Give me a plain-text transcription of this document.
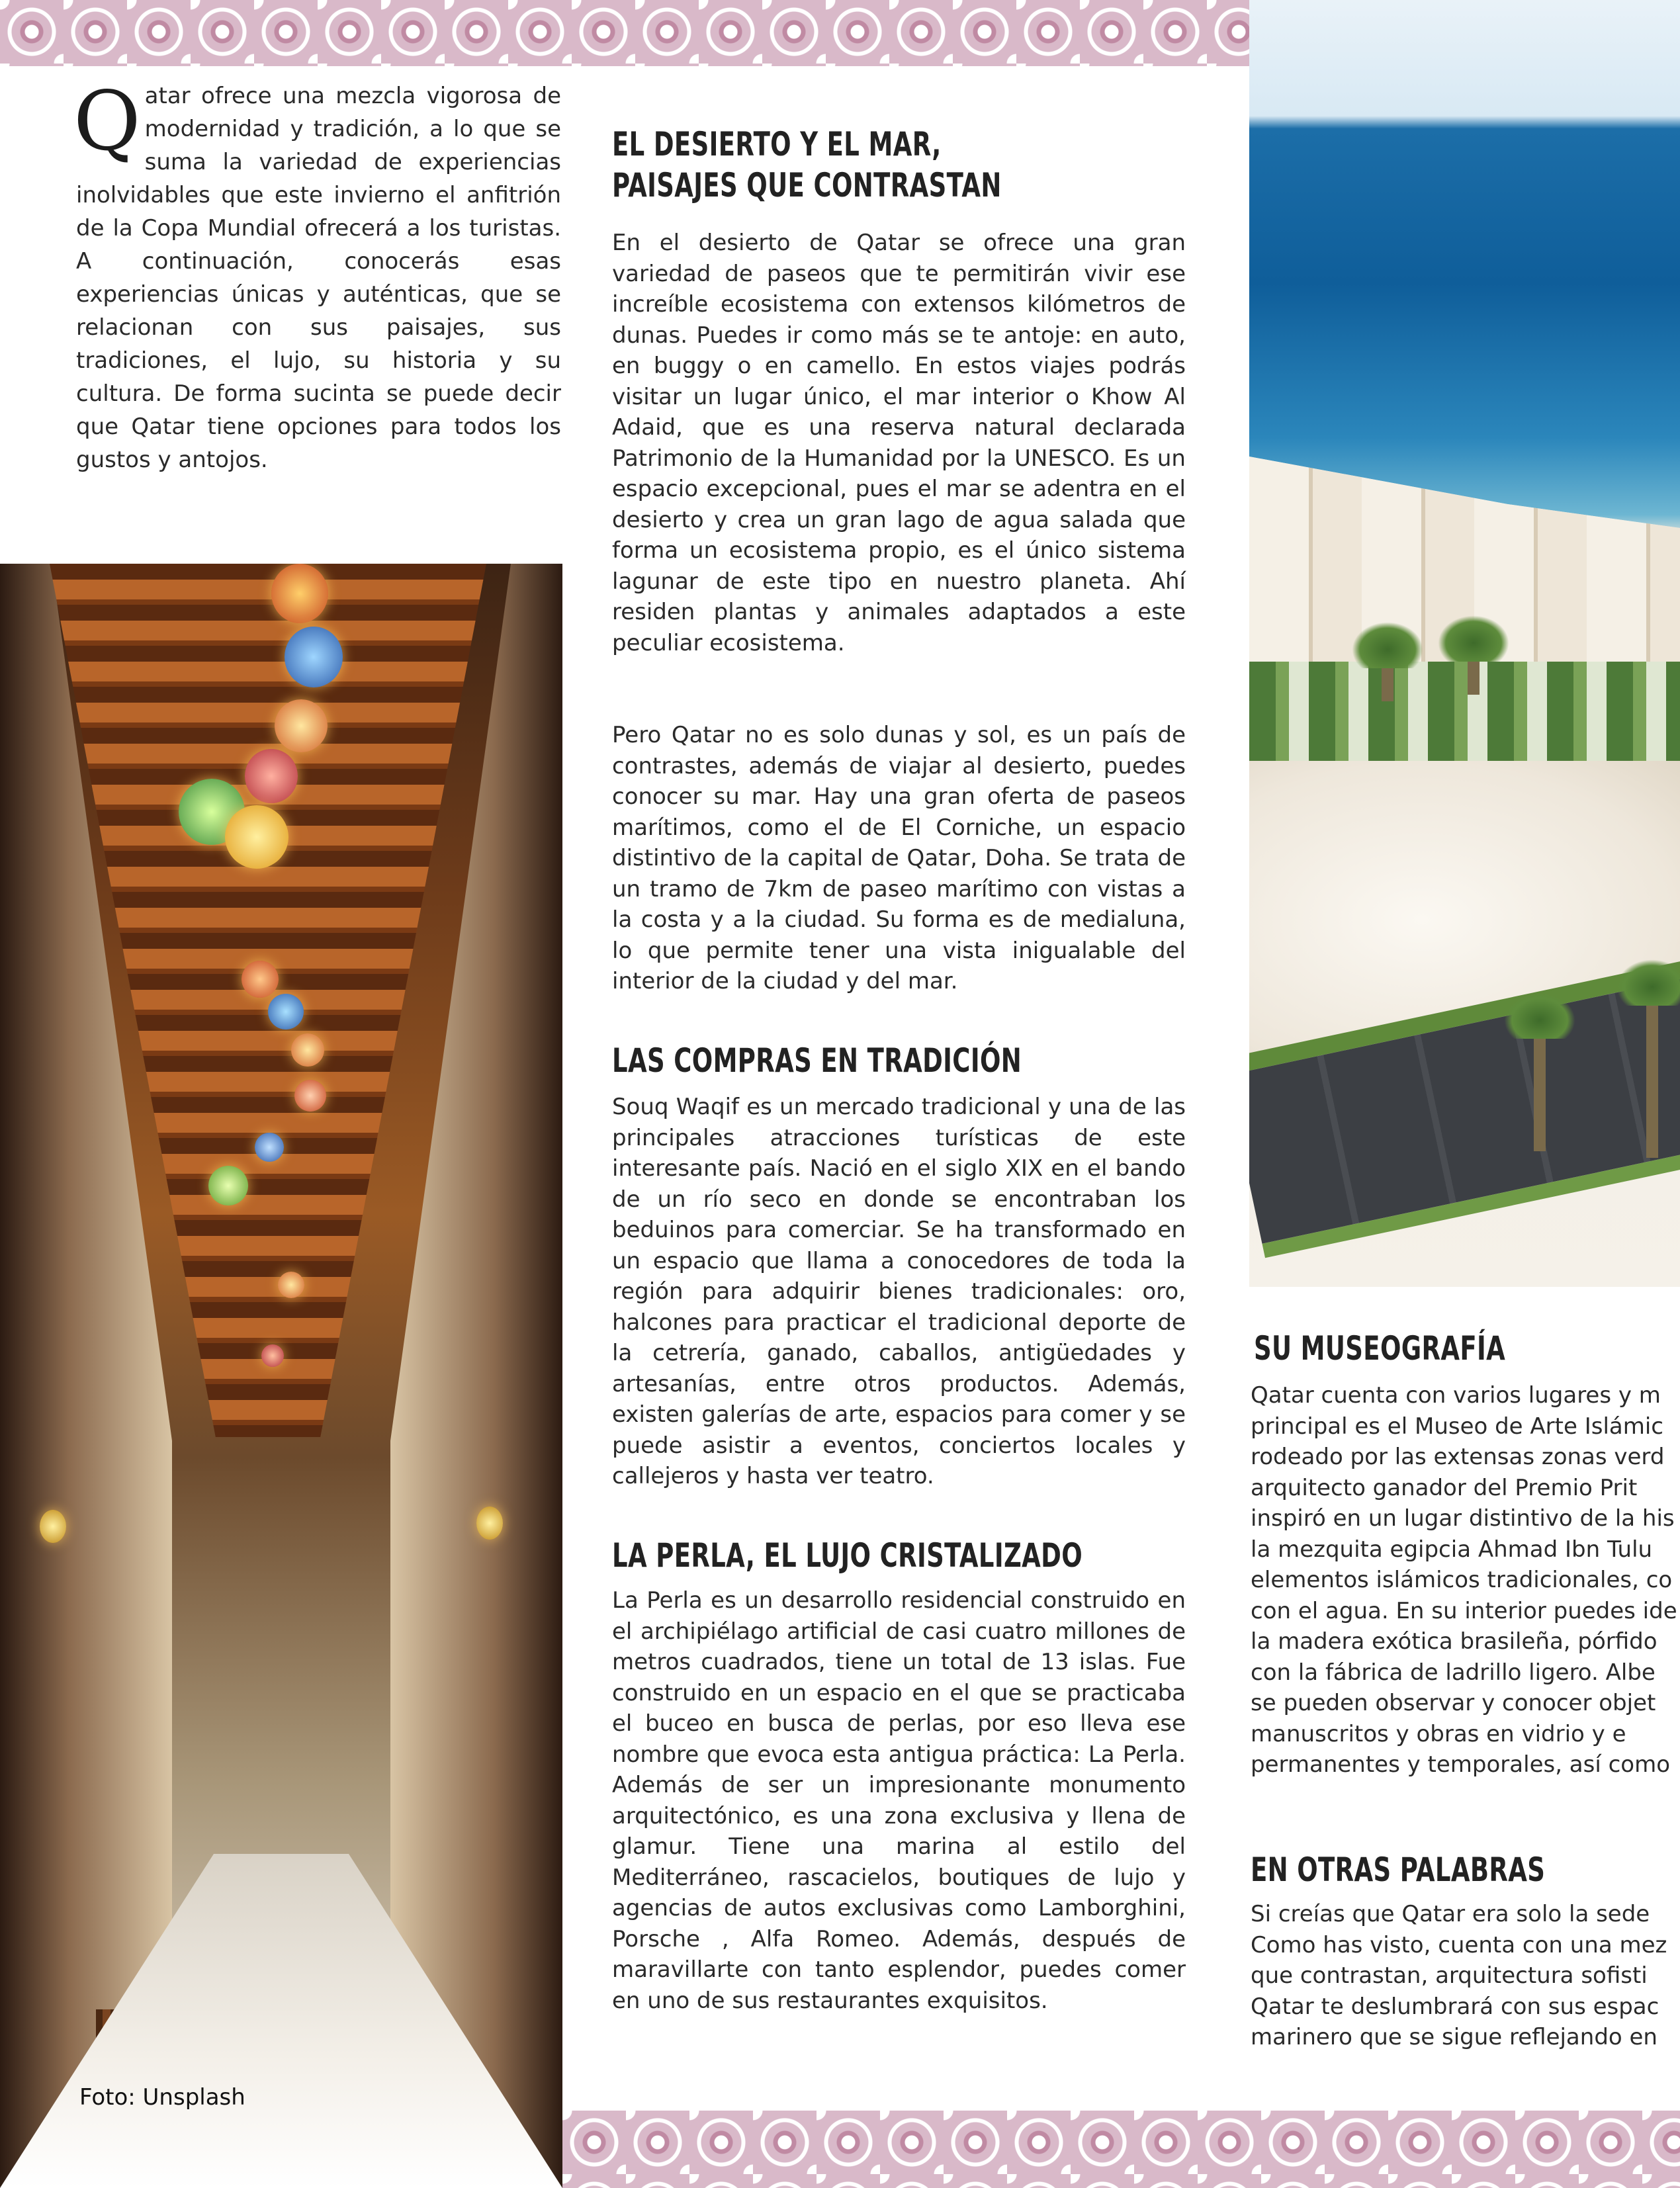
Qatar ofrece una mezcla vigorosa de modernidad y tradición, a lo que se suma la variedad de experiencias inolvidables que este invierno el anfitrión de la Copa Mundial ofrecerá a los turistas. A continuación, conocerás esas experiencias únicas y auténticas, que se relacionan con sus paisajes, sus tradiciones, el lujo, su historia y su cultura. De forma sucinta se puede decir que Qatar tiene opciones para todos los gustos y antojos.
Foto: Unsplash
EL DESIERTO Y EL MAR,
PAISAJES QUE CONTRASTAN
En el desierto de Qatar se ofrece una gran variedad de paseos que te permitirán vivir ese increíble ecosistema con extensos kilómetros de dunas. Puedes ir como más se te antoje: en auto, en buggy o en camello. En estos viajes podrás visitar un lugar único, el mar interior o Khow Al Adaid, que es una reserva natural declarada Patrimonio de la Humanidad por la UNESCO. Es un espacio excepcional, pues el mar se adentra en el desierto y crea un gran lago de agua salada que forma un ecosistema propio, es el único sistema lagunar de este tipo en nuestro planeta. Ahí residen plantas y animales adaptados a este peculiar ecosistema.
Pero Qatar no es solo dunas y sol, es un país de contrastes, además de viajar al desierto, puedes conocer su mar. Hay una gran oferta de paseos marítimos, como el de El Corniche, un espacio distintivo de la capital de Qatar, Doha. Se trata de un tramo de 7km de paseo marítimo con vistas a la costa y a la ciudad. Su forma es de medialuna, lo que permite tener una vista inigualable del interior de la ciudad y del mar.
LAS COMPRAS EN TRADICIÓN
Souq Waqif es un mercado tradicional y una de las principales atracciones turísticas de este interesante país. Nació en el siglo XIX en el bando de un río seco en donde se encontraban los beduinos para comerciar. Se ha transformado en un espacio que llama a conocedores de toda la región para adquirir bienes tradicionales: oro, halcones para practicar el tradicional deporte de la cetrería, ganado, caballos, antigüedades y artesanías, entre otros productos. Además, existen galerías de arte, espacios para comer y se puede asistir a eventos, conciertos locales y callejeros y hasta ver teatro.
LA PERLA, EL LUJO CRISTALIZADO
La Perla es un desarrollo residencial construido en el archipiélago artificial de casi cuatro millones de metros cuadrados, tiene un total de 13 islas. Fue construido en un espacio en el que se practicaba el buceo en busca de perlas, por eso lleva ese nombre que evoca esta antigua práctica: La Perla. Además de ser un impresionante monumento arquitectónico, es una zona exclusiva y llena de glamur. Tiene una marina al estilo del Mediterráneo, rascacielos, boutiques de lujo y agencias de autos exclusivas como Lamborghini, Porsche , Alfa Romeo. Además, después de maravillarte con tanto esplendor, puedes comer en uno de sus restaurantes exquisitos.
SU MUSEOGRAFÍA
Qatar cuenta con varios lugares y m
principal es el Museo de Arte Islámic
rodeado por las extensas zonas verd
arquitecto ganador del Premio Prit
inspiró en un lugar distintivo de la his
la mezquita egipcia Ahmad Ibn Tulu
elementos islámicos tradicionales, co
con el agua. En su interior puedes ide
la madera exótica brasileña, pórfido
con la fábrica de ladrillo ligero. Albe
se pueden observar y conocer objet
manuscritos y obras en vidrio y e
permanentes y temporales, así como
EN OTRAS PALABRAS
Si creías que Qatar era solo la sede
Como has visto, cuenta con una mez
que contrastan, arquitectura sofisti
Qatar te deslumbrará con sus espac
marinero que se sigue reflejando en
